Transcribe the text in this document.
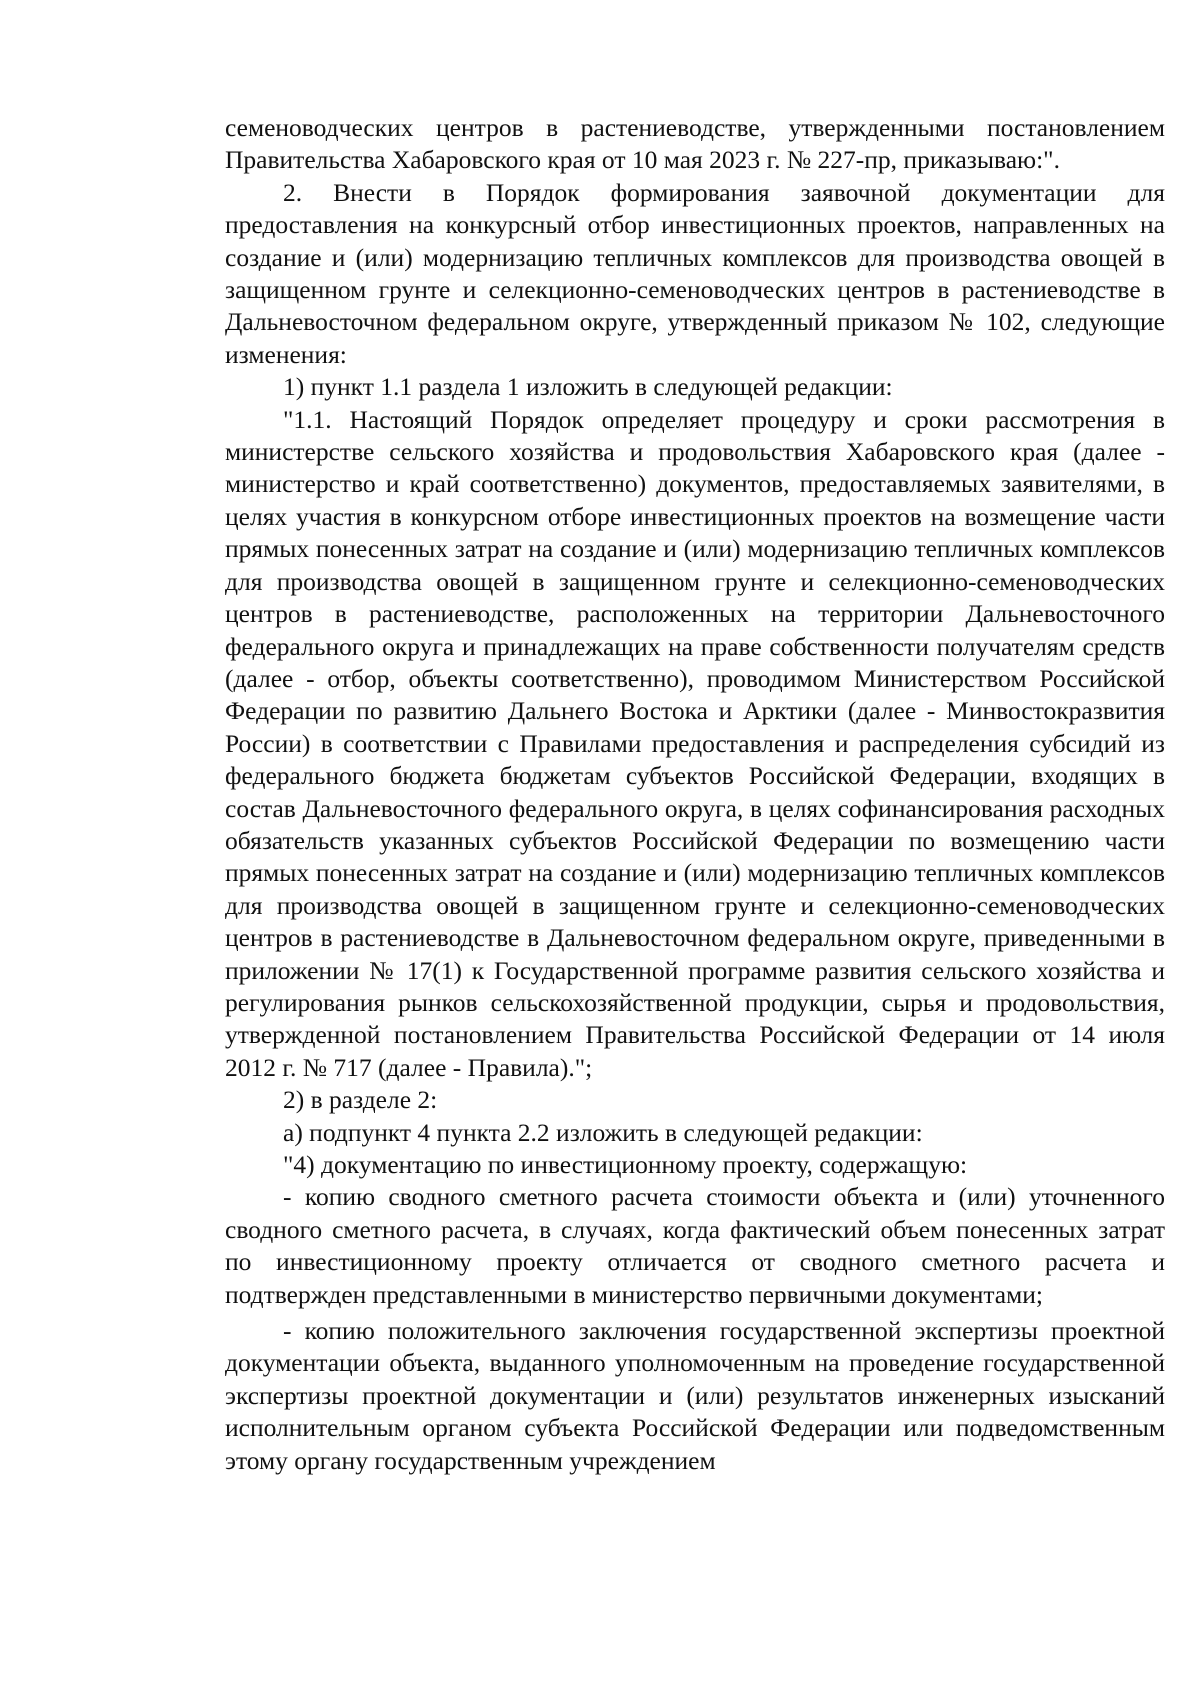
семеноводческих центров в растениеводстве, утвержденными постановлением Правительства Хабаровского края от 10 мая 2023 г. № 227-пр, приказываю:".

2. Внести в Порядок формирования заявочной документации для предоставления на конкурсный отбор инвестиционных проектов, направленных на создание и (или) модернизацию тепличных комплексов для производства овощей в защищенном грунте и селекционно-семеноводческих центров в растениеводстве в Дальневосточном федеральном округе, утвержденный приказом № 102, следующие изменения:

1) пункт 1.1 раздела 1 изложить в следующей редакции:

"1.1. Настоящий Порядок определяет процедуру и сроки рассмотрения в министерстве сельского хозяйства и продовольствия Хабаровского края (далее - министерство и край соответственно) документов, предоставляемых заявителями, в целях участия в конкурсном отборе инвестиционных проектов на возмещение части прямых понесенных затрат на создание и (или) модернизацию тепличных комплексов для производства овощей в защищенном грунте и селекционно-семеноводческих центров в растениеводстве, расположенных на территории Дальневосточного федерального округа и принадлежащих на праве собственности получателям средств (далее - отбор, объекты соответственно), проводимом Министерством Российской Федерации по развитию Дальнего Востока и Арктики (далее - Минвостокразвития России) в соответствии с Правилами предоставления и распределения субсидий из федерального бюджета бюджетам субъектов Российской Федерации, входящих в состав Дальневосточного федерального округа, в целях софинансирования расходных обязательств указанных субъектов Российской Федерации по возмещению части прямых понесенных затрат на создание и (или) модернизацию тепличных комплексов для производства овощей в защищенном грунте и селекционно-семеноводческих центров в растениеводстве в Дальневосточном федеральном округе, приведенными в приложении № 17(1) к Государственной программе развития сельского хозяйства и регулирования рынков сельскохозяйственной продукции, сырья и продовольствия, утвержденной постановлением Правительства Российской Федерации от 14 июля 2012 г. № 717 (далее - Правила).";

2) в разделе 2:

а) подпункт 4 пункта 2.2 изложить в следующей редакции:

"4) документацию по инвестиционному проекту, содержащую:

- копию сводного сметного расчета стоимости объекта и (или) уточненного сводного сметного расчета, в случаях, когда фактический объем понесенных затрат по инвестиционному проекту отличается от сводного сметного расчета и подтвержден представленными в министерство первичными документами;

- копию положительного заключения государственной экспертизы проектной документации объекта, выданного уполномоченным на проведение государственной экспертизы проектной документации и (или) результатов инженерных изысканий исполнительным органом субъекта Российской Федерации или подведомственным этому органу государственным учреждением
